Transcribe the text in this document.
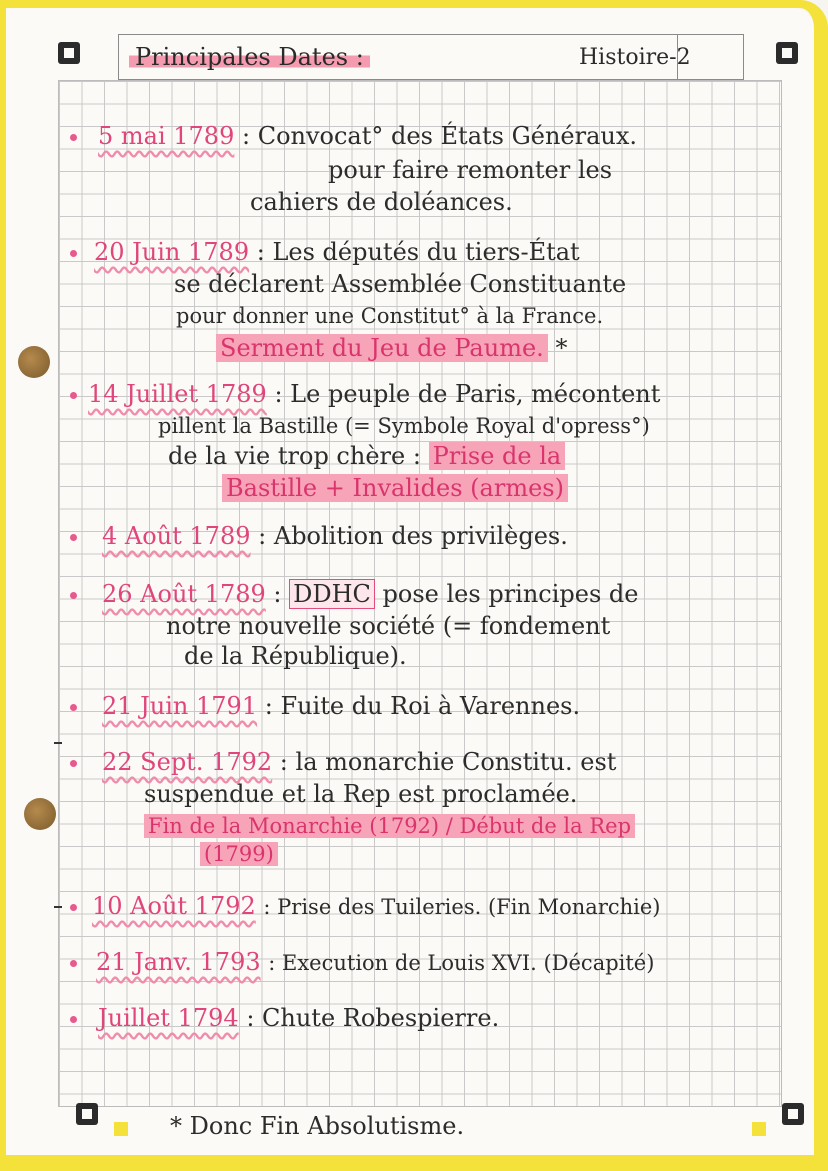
Principales Dates :	Histoire-2
5 mai 1789 : Convocat° des États Généraux.
pour faire remonter les
cahiers de doléances.
20 Juin 1789 : Les députés du tiers-État
se déclarent Assemblée Constituante
pour donner une Constitut° à la France.
Serment du Jeu de Paume. *
14 Juillet 1789 : Le peuple de Paris, mécontent
pillent la Bastille (= Symbole Royal d'opress°)
de la vie trop chère : Prise de la
Bastille + Invalides (armes)
4 Août 1789 : Abolition des privilèges.
26 Août 1789 : DDHC pose les principes de
notre nouvelle société (= fondement
de la République).
21 Juin 1791 : Fuite du Roi à Varennes.
22 Sept. 1792 : la monarchie Constitu. est
suspendue et la Rep est proclamée.
Fin de la Monarchie (1792) / Début de la Rep
(1799)
10 Août 1792 : Prise des Tuileries. (Fin Monarchie)
21 Janv. 1793 : Execution de Louis XVI. (Décapité)
Juillet 1794 : Chute Robespierre.
* Donc Fin Absolutisme.
